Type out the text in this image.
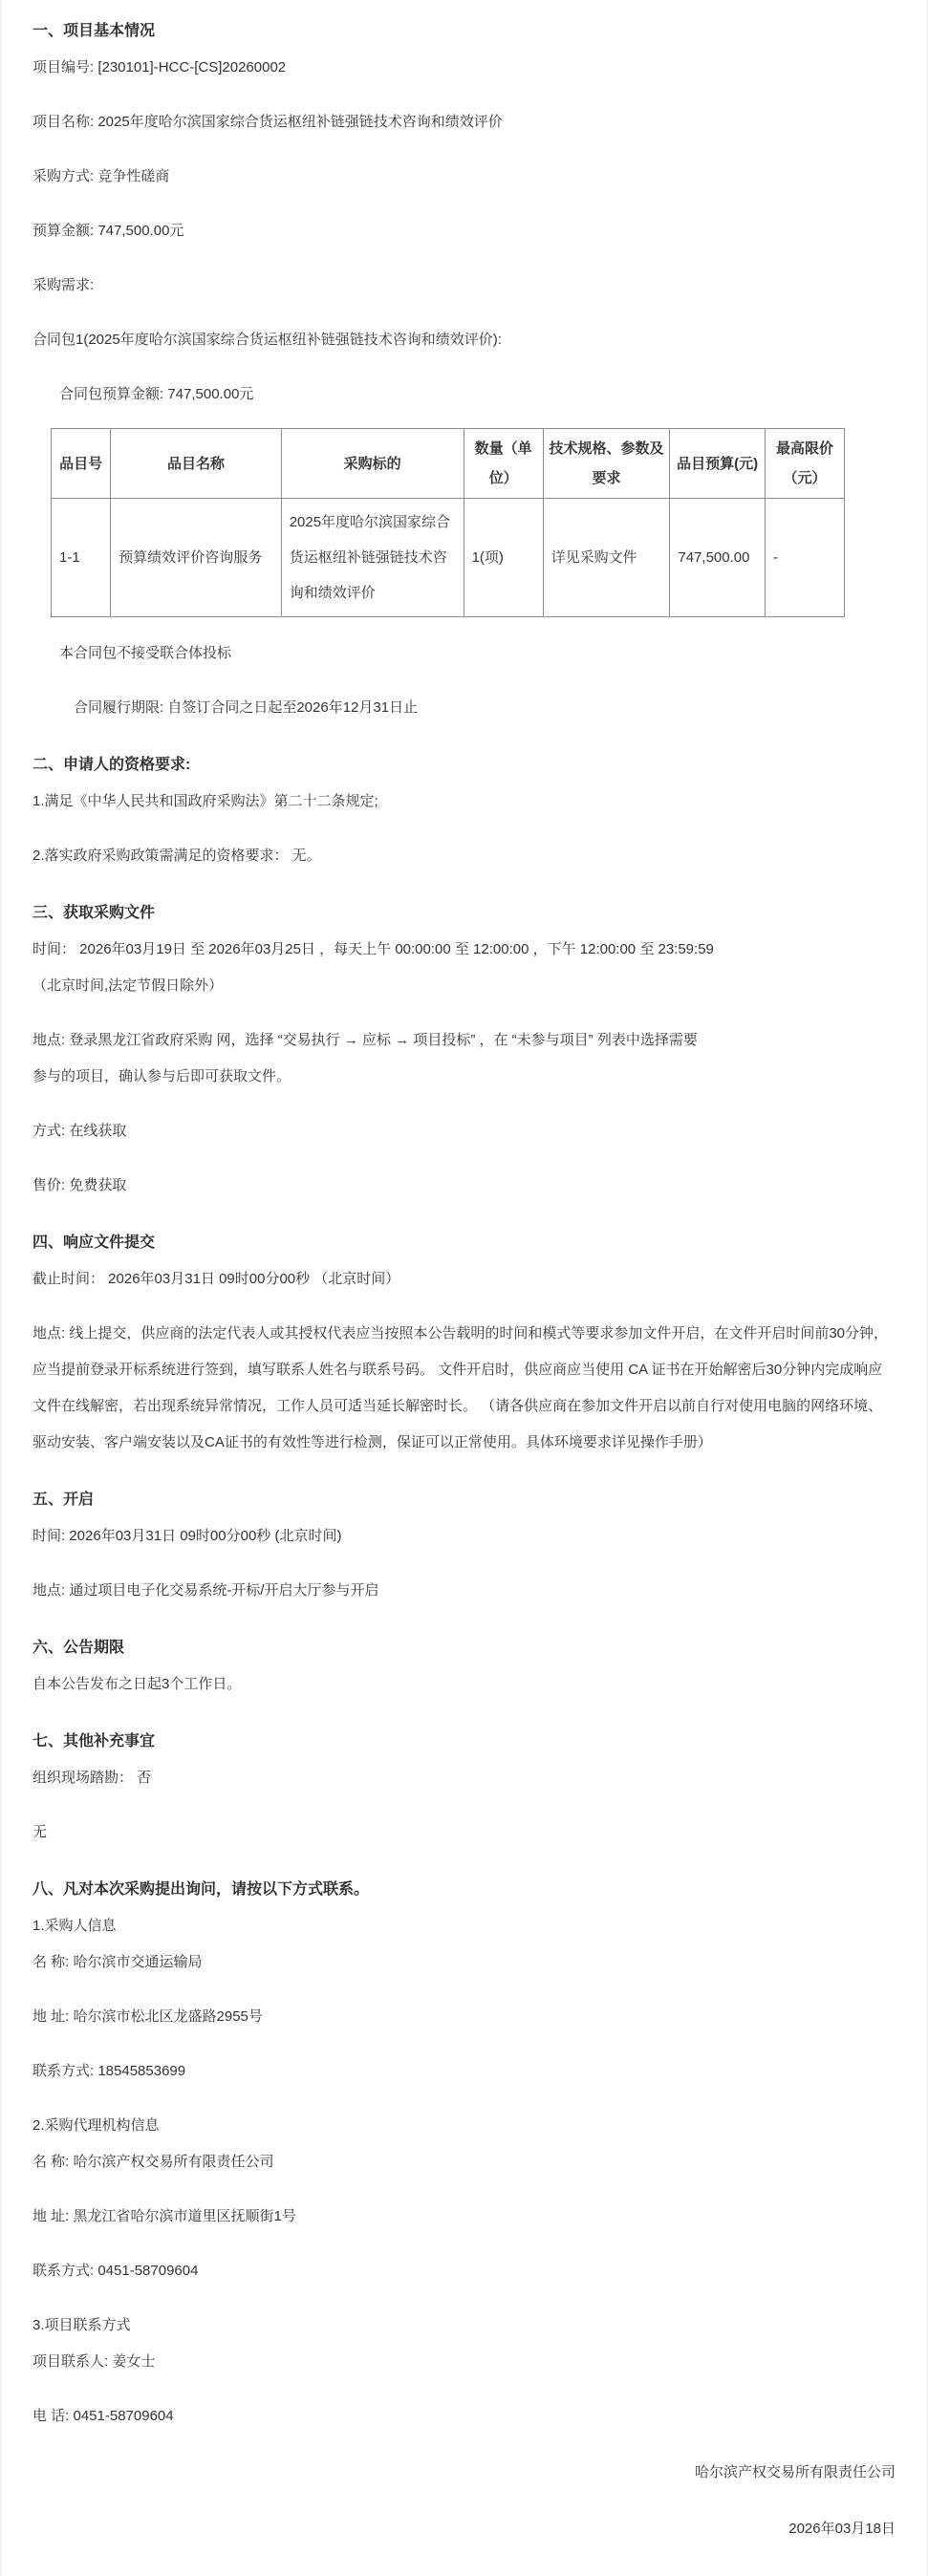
一、项目基本情况

项目编号: [230101]-HCC-[CS]20260002

项目名称: 2025年度哈尔滨国家综合货运枢纽补链强链技术咨询和绩效评价

采购方式: 竞争性磋商

预算金额: 747,500.00元

采购需求:

合同包1(2025年度哈尔滨国家综合货运枢纽补链强链技术咨询和绩效评价):

合同包预算金额: 747,500.00元

品目号	品目名称	采购标的	数量（单位）	技术规格、参数及要求	品目预算(元)	最高限价（元）
1-1	预算绩效评价咨询服务	2025年度哈尔滨国家综合货运枢纽补链强链技术咨询和绩效评价	1(项)	详见采购文件	747,500.00	-

本合同包不接受联合体投标

合同履行期限: 自签订合同之日起至2026年12月31日止

二、申请人的资格要求:

1.满足《中华人民共和国政府采购法》第二十二条规定;

2.落实政府采购政策需满足的资格要求： 无。

三、获取采购文件

时间： 2026年03月19日 至 2026年03月25日 ，每天上午 00:00:00 至 12:00:00 ，下午 12:00:00 至 23:59:59

（北京时间,法定节假日除外）

地点: 登录黑龙江省政府采购 网，选择 “交易执行 → 应标 → 项目投标” ，在 “未参与项目” 列表中选择需要

参与的项目，确认参与后即可获取文件。

方式: 在线获取

售价: 免费获取

四、响应文件提交

截止时间： 2026年03月31日 09时00分00秒 （北京时间）

地点: 线上提交，供应商的法定代表人或其授权代表应当按照本公告载明的时间和模式等要求参加文件开启，在文件开启时间前30分钟，应当提前登录开标系统进行签到，填写联系人姓名与联系号码。 文件开启时，供应商应当使用 CA 证书在开始解密后30分钟内完成响应文件在线解密，若出现系统异常情况，工作人员可适当延长解密时长。 （请各供应商在参加文件开启以前自行对使用电脑的网络环境、驱动安装、客户端安装以及CA证书的有效性等进行检测，保证可以正常使用。具体环境要求详见操作手册）

五、开启

时间: 2026年03月31日 09时00分00秒 (北京时间)

地点: 通过项目电子化交易系统-开标/开启大厅参与开启

六、公告期限

自本公告发布之日起3个工作日。

七、其他补充事宜

组织现场踏勘： 否

无

八、凡对本次采购提出询问，请按以下方式联系。

1.采购人信息

名 称: 哈尔滨市交通运输局

地 址: 哈尔滨市松北区龙盛路2955号

联系方式: 18545853699

2.采购代理机构信息

名 称: 哈尔滨产权交易所有限责任公司

地 址: 黑龙江省哈尔滨市道里区抚顺街1号

联系方式: 0451-58709604

3.项目联系方式

项目联系人: 姜女士

电 话: 0451-58709604

哈尔滨产权交易所有限责任公司

2026年03月18日
